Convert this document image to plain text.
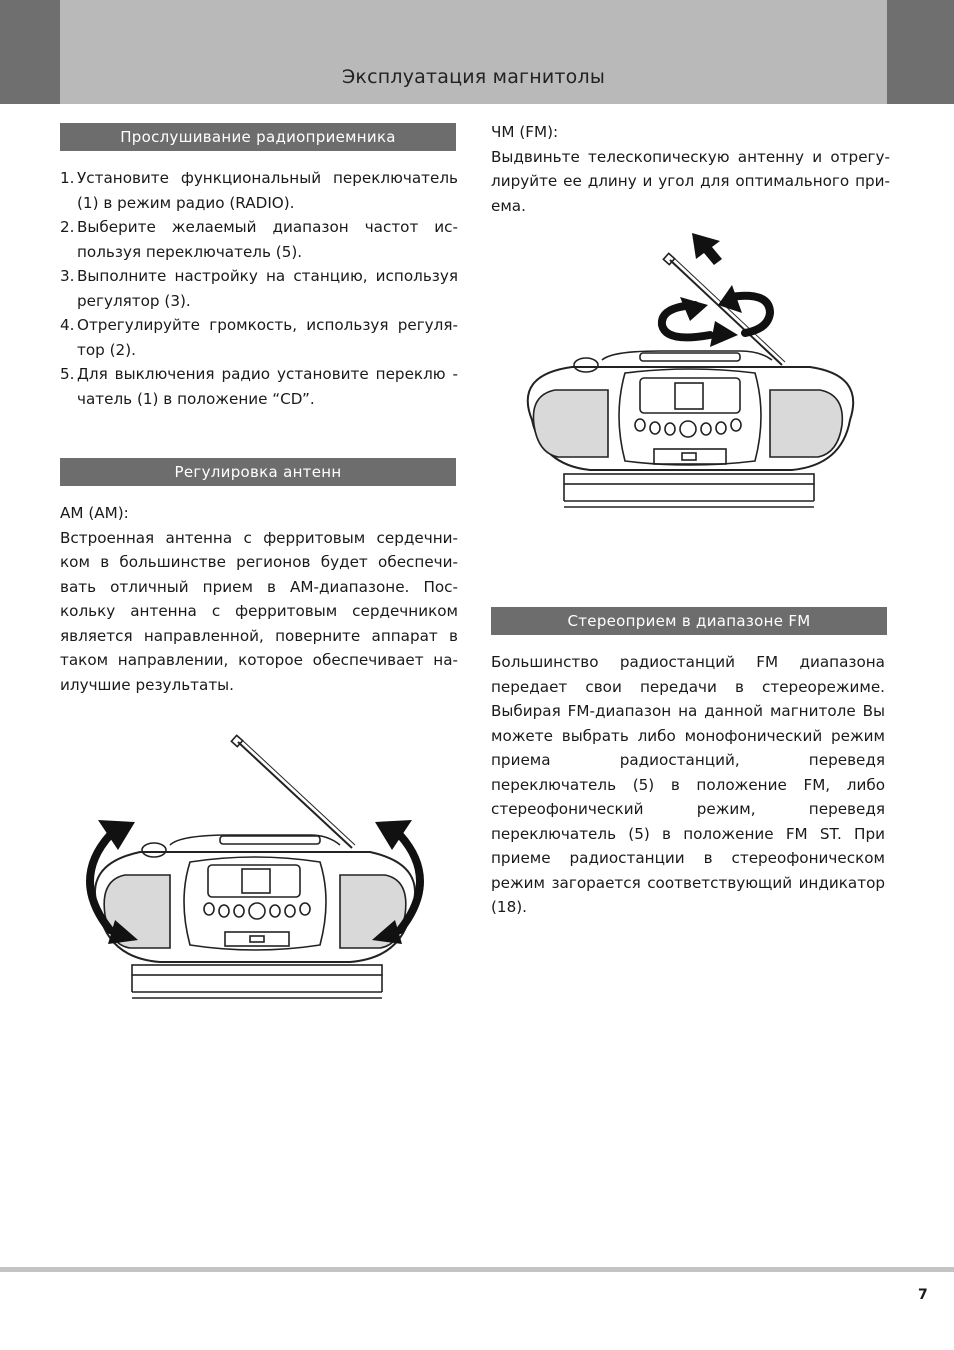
Эксплуатация магнитолы
Прослушивание радиоприемника
1. Установите функциональный переключатель (1) в режим радио (RADIO).
2. Выберите желаемый диапазон частот ис-пользуя переключатель (5).
3. Выполните настройку на станцию, используя регулятор (3).
4. Отрегулируйте громкость, используя регуля-тор (2).
5. Для выключения радио установите переклю - чатель (1) в положение “CD”.
Регулировка антенн

АМ (AM):

Встроенная антенна с ферритовым сердечни-ком в большинстве регионов будет обеспечи-вать отличный прием в АМ-диапазоне. Пос-кольку антенна с ферритовым сердечником является направленной, поверните аппарат в таком направлении, которое обеспечивает на-илучшие результаты.

ЧМ (FM):

Выдвиньте телескопическую антенну и отрегу-лируйте ее длину и угол для оптимального при-ема.

Стереоприем в диапазоне FM
Большинство радиостанций FM диапазона передает свои передачи в стереорежиме. Выбирая FM-диапазон на данной магнитоле Вы можете выбрать либо монофонический режим приема радиостанций, переведя переключатель (5) в положение FM, либо стереофонический режим, переведя переключатель (5) в положение FM ST. При приеме радиостанции в стереофоническом режим загорается соответствующий индикатор (18).
7
